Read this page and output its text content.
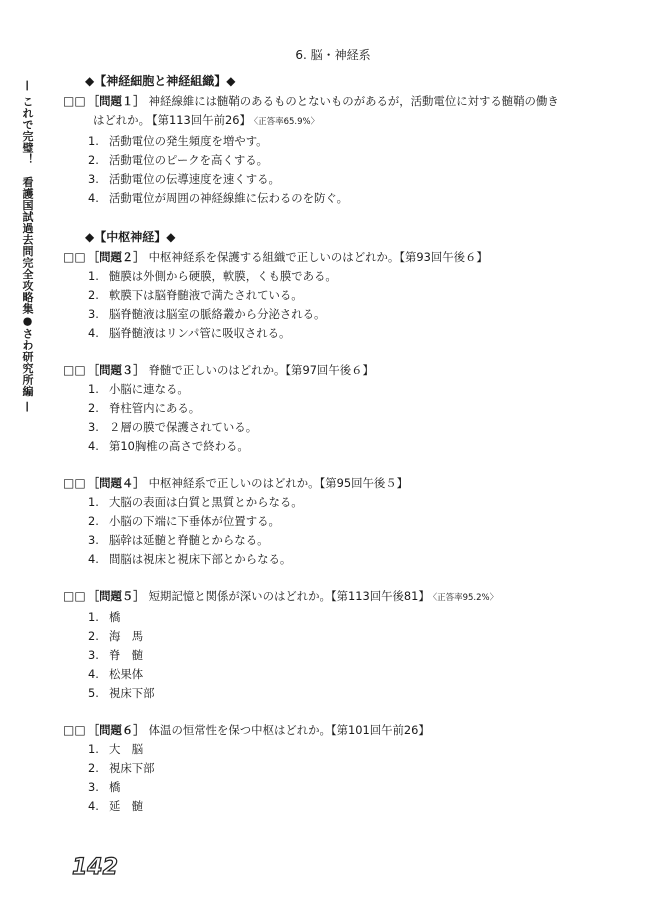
6. 脳・神経系
— これで完璧！　看護国試過去問完全攻略集●さわ研究所編 —	◆【神経細胞と神経組織】◆
□□ ［問題１］ 神経線維には髄鞘のあるものとないものがあるが，活動電位に対する髄鞘の働き
はどれか。 【第113回午前26】 〈正答率65.9%〉
1. 活動電位の発生頻度を増やす。
2. 活動電位のピークを高くする。
3. 活動電位の伝導速度を速くする。
4. 活動電位が周囲の神経線維に伝わるのを防ぐ。
◆【中枢神経】◆
□□ ［問題２］ 中枢神経系を保護する組織で正しいのはどれか。【第93回午後６】
1. 髄膜は外側から硬膜，軟膜，くも膜である。
2. 軟膜下は脳脊髄液で満たされている。
3. 脳脊髄液は脳室の脈絡叢から分泌される。
4. 脳脊髄液はリンパ管に吸収される。
□□ ［問題３］ 脊髄で正しいのはどれか。【第97回午後６】
1. 小脳に連なる。
2. 脊柱管内にある。
3. ２層の膜で保護されている。
4. 第10胸椎の高さで終わる。
□□ ［問題４］ 中枢神経系で正しいのはどれか。【第95回午後５】
1. 大脳の表面は白質と黒質とからなる。
2. 小脳の下端に下垂体が位置する。
3. 脳幹は延髄と脊髄とからなる。
4. 間脳は視床と視床下部とからなる。
□□ ［問題５］ 短期記憶と関係が深いのはどれか。【第113回午後81】 〈正答率95.2%〉
1. 橋
2. 海　馬
3. 脊　髄
4. 松果体
5. 視床下部
□□ ［問題６］ 体温の恒常性を保つ中枢はどれか。【第101回午前26】
1. 大　脳
2. 視床下部
3. 橋
4. 延　髄
142
